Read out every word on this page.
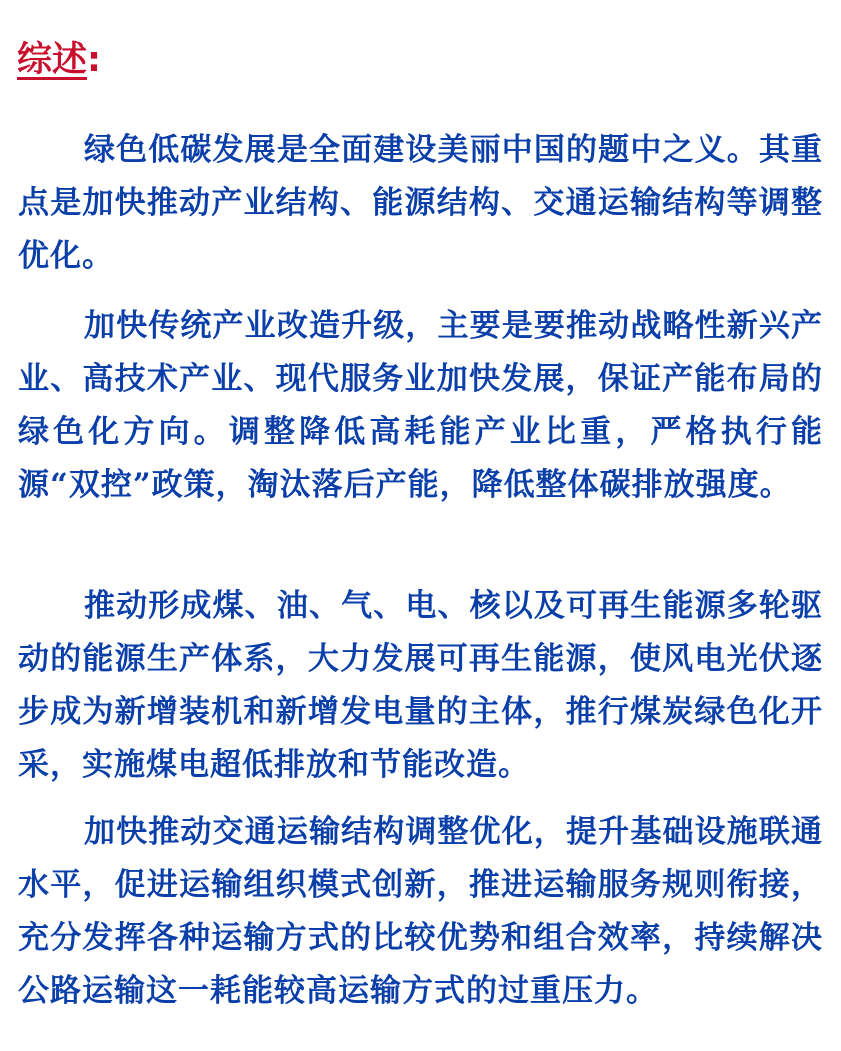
综述:

绿色低碳发展是全面建设美丽中国的题中之义。其重点是加快推动产业结构、能源结构、交通运输结构等调整优化。

加快传统产业改造升级，主要是要推动战略性新兴产业、高技术产业、现代服务业加快发展，保证产能布局的绿色化方向。调整降低高耗能产业比重，严格执行能源“双控”政策，淘汰落后产能，降低整体碳排放强度。

推动形成煤、油、气、电、核以及可再生能源多轮驱动的能源生产体系，大力发展可再生能源，使风电光伏逐步成为新增装机和新增发电量的主体，推行煤炭绿色化开采，实施煤电超低排放和节能改造。

加快推动交通运输结构调整优化，提升基础设施联通水平，促进运输组织模式创新，推进运输服务规则衔接，充分发挥各种运输方式的比较优势和组合效率，持续解决公路运输这一耗能较高运输方式的过重压力。
